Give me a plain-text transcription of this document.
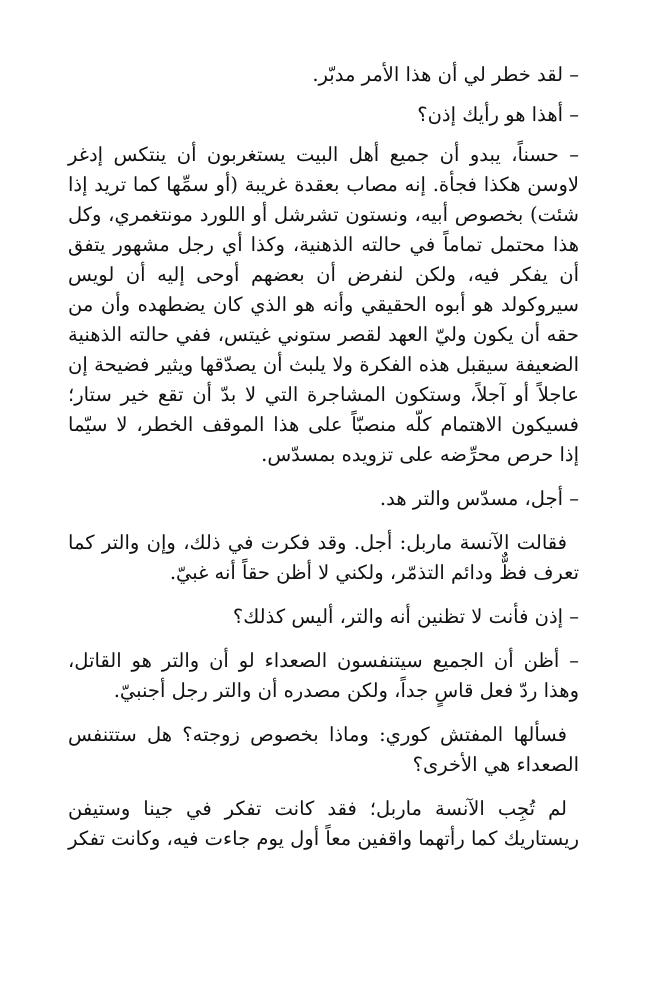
– لقد خطر لي أن هذا الأمر مدبّر.

– أهذا هو رأيك إذن؟

– حسناً، يبدو أن جميع أهل البيت يستغربون أن ينتكس إدغر لاوسن هكذا فجأة. إنه مصاب بعقدة غريبة (أو سمِّها كما تريد إذا شئت) بخصوص أبيه، ونستون تشرشل أو اللورد مونتغمري، وكل هذا محتمل تماماً في حالته الذهنية، وكذا أي رجل مشهور يتفق أن يفكر فيه، ولكن لنفرض أن بعضهم أوحى إليه أن لويس سيروكولد هو أبوه الحقيقي وأنه هو الذي كان يضطهده وأن من حقه أن يكون وليّ العهد لقصر ستوني غيتس، ففي حالته الذهنية الضعيفة سيقبل هذه الفكرة ولا يلبث أن يصدّقها ويثير فضيحة إن عاجلاً أو آجلاً، وستكون المشاجرة التي لا بدّ أن تقع خير ستار؛ فسيكون الاهتمام كلّه منصبّاً على هذا الموقف الخطر، لا سيّما إذا حرص محرِّضه على تزويده بمسدّس.

– أجل، مسدّس والتر هد.

فقالت الآنسة ماربل: أجل. وقد فكرت في ذلك، وإن والتر كما تعرف فظٌّ ودائم التذمّر، ولكني لا أظن حقاً أنه غبيّ.

– إذن فأنت لا تظنين أنه والتر، أليس كذلك؟

– أظن أن الجميع سيتنفسون الصعداء لو أن والتر هو القاتل، وهذا ردّ فعل قاسٍ جداً، ولكن مصدره أن والتر رجل أجنبيّ.

فسألها المفتش كوري: وماذا بخصوص زوجته؟ هل ستتنفس الصعداء هي الأخرى؟

لم تُجِب الآنسة ماربل؛ فقد كانت تفكر في جينا وستيفن ريستاريك كما رأتهما واقفين معاً أول يوم جاءت فيه، وكانت تفكر
